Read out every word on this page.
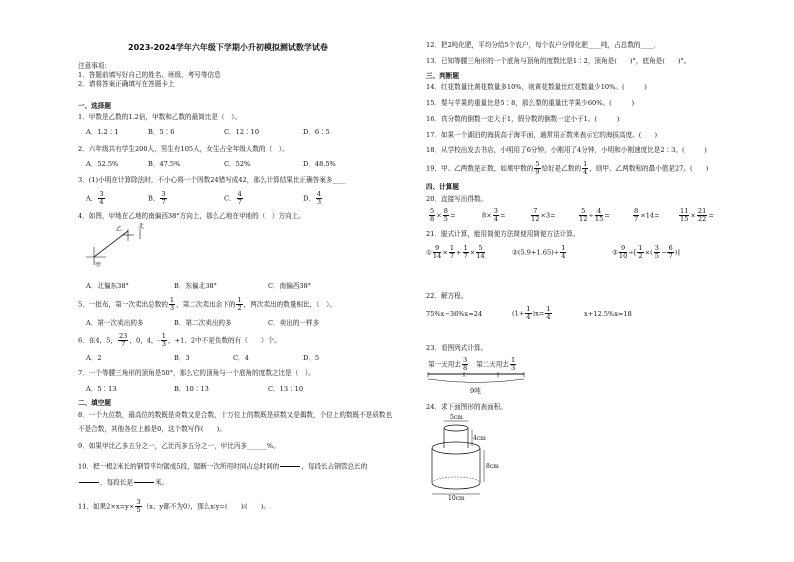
2023-2024学年六年级下学期小升初模拟测试数学试卷
注意事项：
1．答题前填写好自己的姓名、班级、考号等信息
2．请将答案正确填写在答题卡上
一、选择题
1．甲数是乙数的1.2倍，甲数和乙数的最简比是（　）。
A．1.2∶1	B．5∶6	C．12∶10	D．6∶5
2．六年级共有学生200人，男生有105人，女生占全年级人数的（　）。
A．52.5%	B．47.5%	C．52%	D．48.5%
3．(1)小明在计算除法时，不小心将一个因数24错写成42，那么计算结果比正确答案多____
A． $\frac{3}{4}$	B． $\frac{3}{7}$	C． $\frac{4}{7}$	D． $\frac{4}{3}$
4．如图，甲地在乙地的南偏西38°方向上，那么乙地在甲地的（　）方向上。
乙	北
甲
A．北偏东38°	B．东偏北38°	C．南偏西38°
5．一批布，第一次卖出总数的 $\frac{1}{3}$ ，第二次卖出余下的 $\frac{1}{2}$ ，两次卖出的数量相比，（　）。
A．第一次卖出的多	B．第二次卖出的多	C．卖出的一样多
6．在4，5， $\frac{23}{7}$ ，0，4，- $\frac{1}{3}$ ，+1．2中不是负数的有（　　）个。
A．2	B．3	C．4	D．5
7．一个等腰三角形的顶角是50°，那么它的顶角与一个底角的度数之比是（　）。
A．5∶13	B．10∶13	C．13∶10
二、填空题
8．一个九位数，最高位的数既是奇数又是合数，十万位上的数既是质数又是偶数，个位上的数既不是质数也
不是合数，其他各位上都是0，这个数写作(　　)。
9．如果甲比乙多五分之一，乙比丙多五分之一，甲比丙多______%。
10．把一根2米长的钢管平均锯成5段，锯断一次所用时间占总时间的

	，每段长占钢管总长的

，每段长是

	米。
11．如果$2\times x=y\times \frac{3}{5} (x$、y都不为0），那么x∶y=(　　)∶(　　)。
12．把2吨化肥，平均分给5个农户，每个农户分得化肥____吨，占总数的____．
13．已知等腰三角形的一个底角与顶角的度数比是1∶2，顶角是(　　)°，底角是(　　)°。
三、判断题
14．红花数量比黄花数量多10%，则黄花数量比红花数量少10%。(　　　)
15．梨与苹果的重量比是5∶8，那么梨的重量比苹果少60%。(　　　)
16．真分数的倒数一定大于1，假分数的倒数一定小于1。(　　　)
17．如果一个湖泊的海拔高于海平面，通常用正数来表示它的海拔高度。(　　)
18．从学校出发去书店，小明用了6分钟，小刚用了4分钟，小明和小刚速度比是2∶3。(　　　)
19．甲、乙两数是正数，如果甲数的 $\frac{5}{9}$ 恰好是乙数的 $\frac{1}{4}$ ，则甲、乙两数和的最小值是27。(　　)
四、计算题
20．直接写出得数。
$\frac{5}{8} \times \frac{8}{5}$ =	$8\times \frac{3}{4}$ =	$\frac{7}{12} \times 3=$	$\frac{5}{12} \div \frac{4}{15}$ =	$\frac{8}{7} \times 14=$	$\frac{11}{15} \times \frac{21}{22}$ =
21．脱式计算，能用简便方法简便用简便方法计算。
① $\frac{9}{14} \times \frac{1}{7} + \frac{1}{7} \times \frac{5}{14}$	②(5.9+1.65)÷ $\frac{1}{4}$	③ $\frac{9}{10}$ ÷[ $\frac{1}{2}$ ×( $\frac{3}{5} - \frac{6}{7}$ )]
22．解方程。
75%x−36%x=24	$(1+ \frac{1}{4} )x= \frac{1}{4}$	x+12.5%x=18
23．看图列式计算。
第一天用去 $\frac{3}{8}$ 第二天用去 $\frac{1}{3}$
9吨
24．求下面图形的表面积。
5cm
4cm
8cm
10cm
